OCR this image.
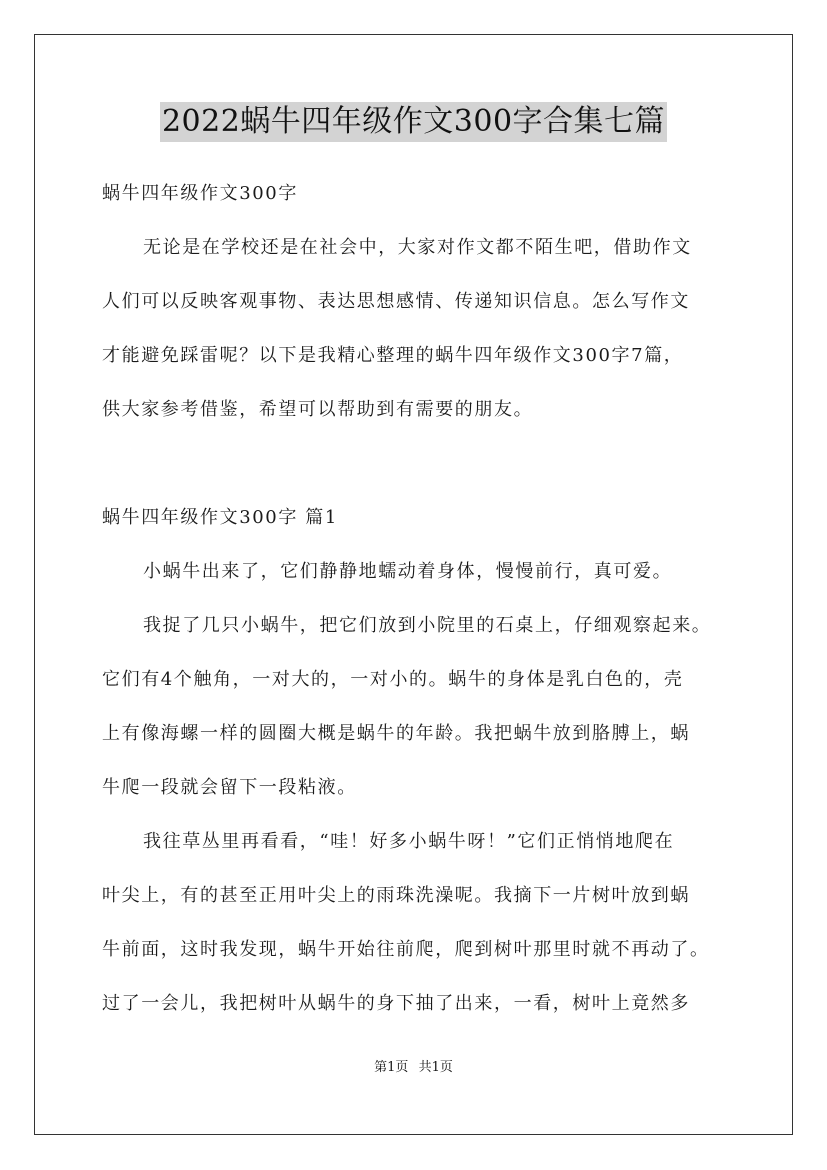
2022蜗牛四年级作文300字合集七篇
蜗牛四年级作文300字
无论是在学校还是在社会中，大家对作文都不陌生吧，借助作文
人们可以反映客观事物、表达思想感情、传递知识信息。怎么写作文
才能避免踩雷呢？以下是我精心整理的蜗牛四年级作文300字7篇，
供大家参考借鉴，希望可以帮助到有需要的朋友。
蜗牛四年级作文300字 篇1
小蜗牛出来了，它们静静地蠕动着身体，慢慢前行，真可爱。
我捉了几只小蜗牛，把它们放到小院里的石桌上，仔细观察起来。
它们有4个触角，一对大的，一对小的。蜗牛的身体是乳白色的，壳
上有像海螺一样的圆圈大概是蜗牛的年龄。我把蜗牛放到胳膊上，蜗
牛爬一段就会留下一段粘液。
我往草丛里再看看，“哇！好多小蜗牛呀！”它们正悄悄地爬在
叶尖上，有的甚至正用叶尖上的雨珠洗澡呢。我摘下一片树叶放到蜗
牛前面，这时我发现，蜗牛开始往前爬，爬到树叶那里时就不再动了。
过了一会儿，我把树叶从蜗牛的身下抽了出来，一看，树叶上竟然多
第1页 共1页
